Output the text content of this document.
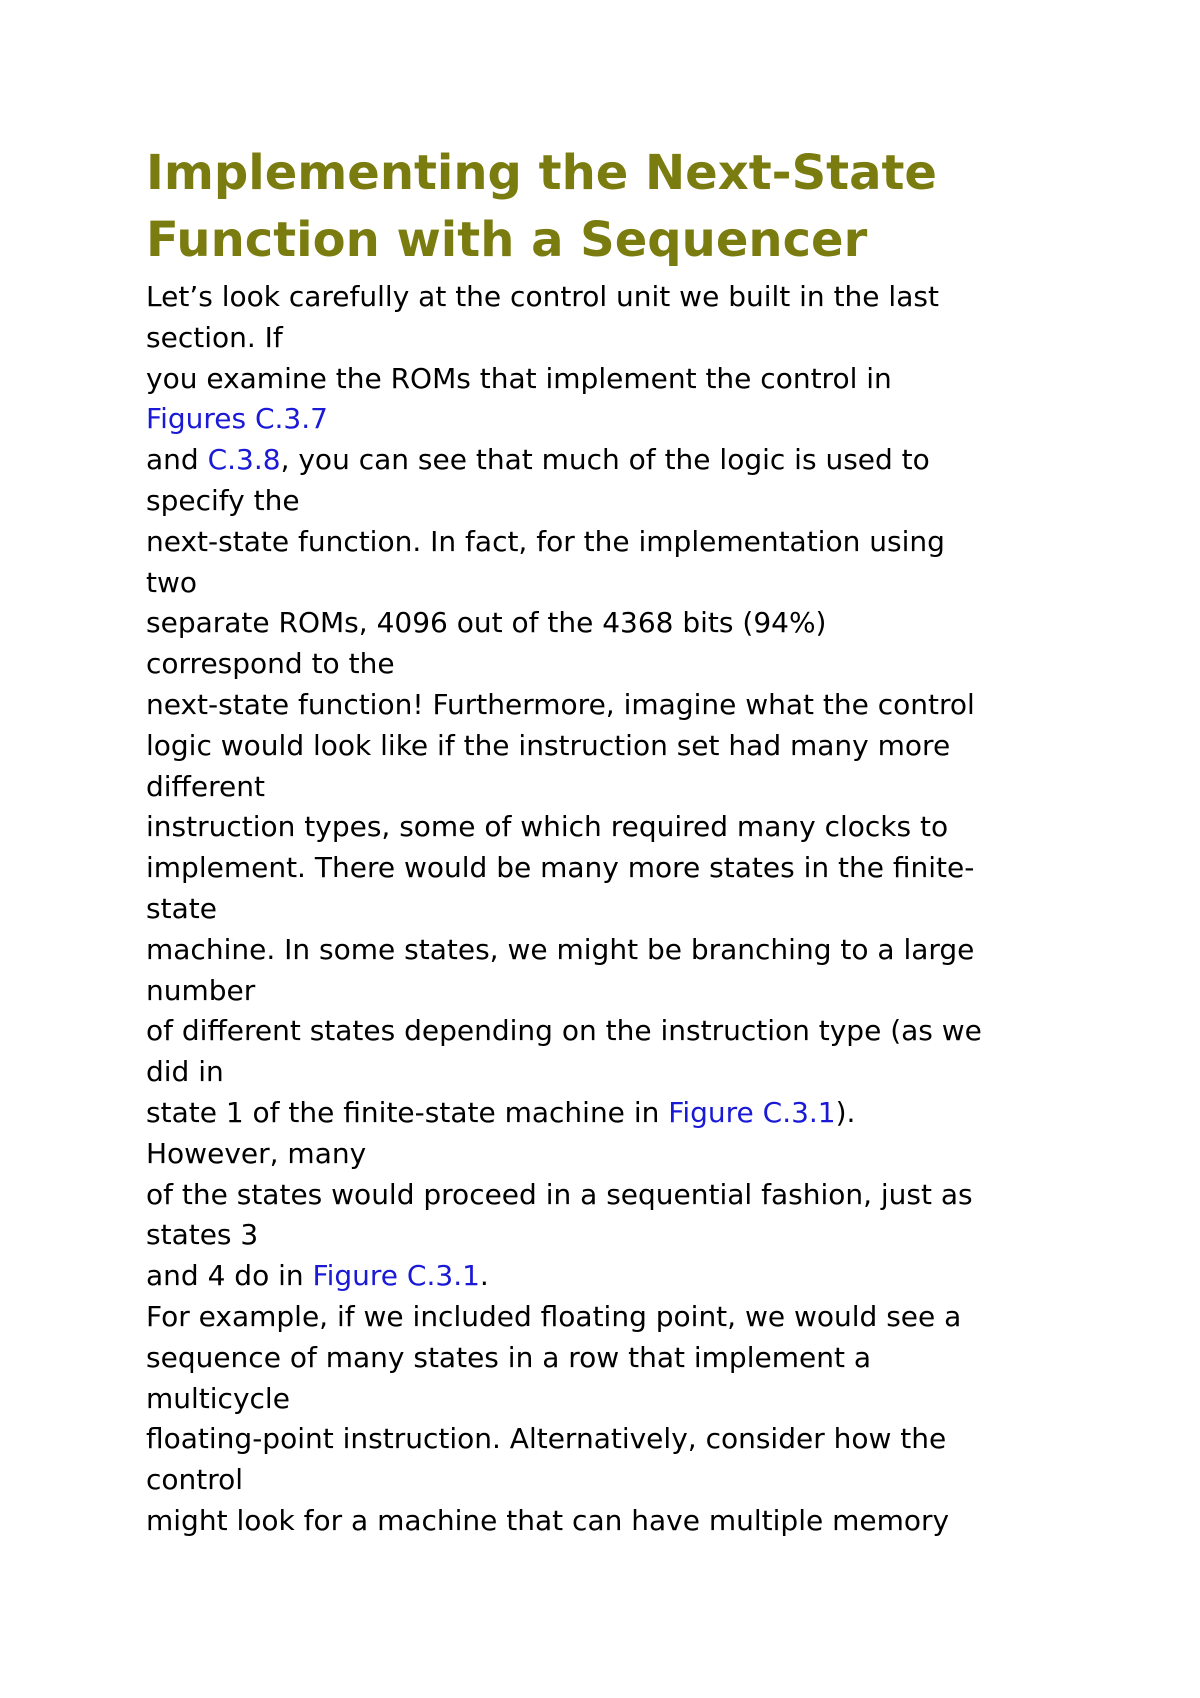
Implementing the Next-State
Function with a Sequencer
Let’s look carefully at the control unit we built in the last
section. If
you examine the ROMs that implement the control in
Figures C.3.7
and C.3.8, you can see that much of the logic is used to
specify the
next-state function. In fact, for the implementation using
two
separate ROMs, 4096 out of the 4368 bits (94%)
correspond to the
next-state function! Furthermore, imagine what the control
logic would look like if the instruction set had many more
different
instruction types, some of which required many clocks to
implement. There would be many more states in the finite-
state
machine. In some states, we might be branching to a large
number
of different states depending on the instruction type (as we
did in
state 1 of the finite-state machine in Figure C.3.1).
However, many
of the states would proceed in a sequential fashion, just as
states 3
and 4 do in Figure C.3.1.
For example, if we included floating point, we would see a
sequence of many states in a row that implement a
multicycle
floating-point instruction. Alternatively, consider how the
control
might look for a machine that can have multiple memory
